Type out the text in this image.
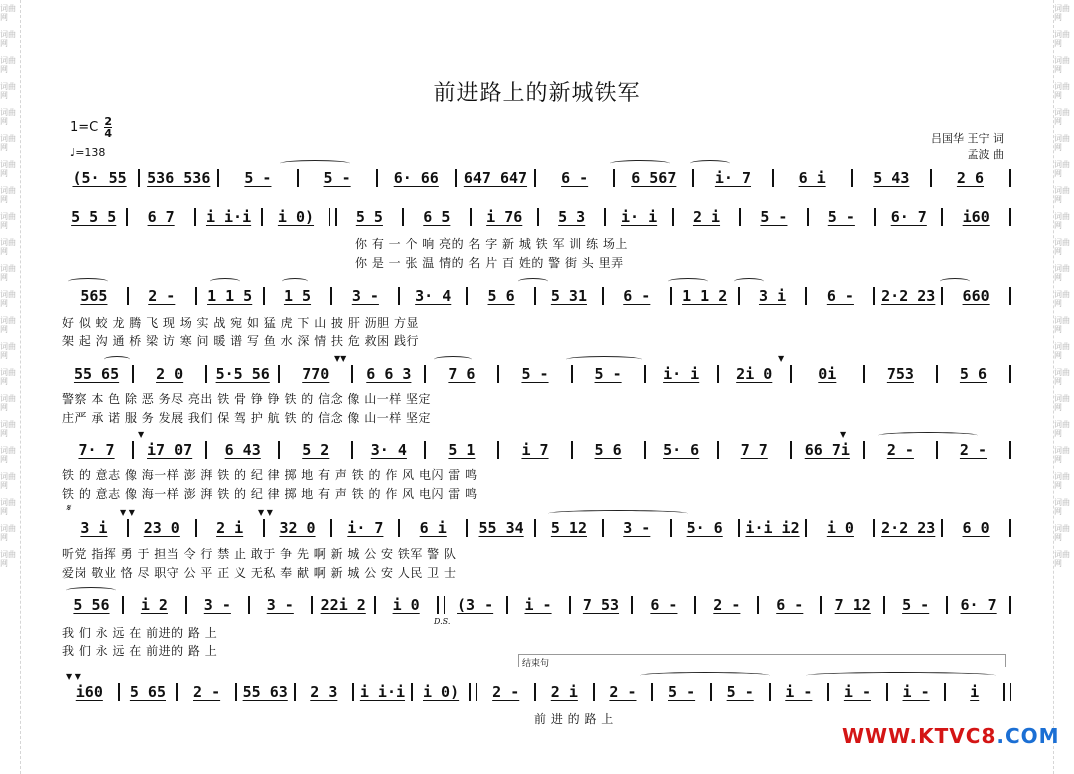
词曲网
词曲网
词曲网
词曲网
词曲网
词曲网
词曲网
词曲网
词曲网
词曲网
词曲网
词曲网
词曲网
词曲网
词曲网
词曲网
词曲网
词曲网
词曲网
词曲网
词曲网
词曲网
词曲网
词曲网
词曲网
词曲网
词曲网
词曲网
词曲网
词曲网
词曲网
词曲网
词曲网
词曲网
词曲网
词曲网
词曲网
词曲网
词曲网
词曲网
词曲网
词曲网
词曲网
词曲网
前进路上的新城铁军
$1=C \frac{2}{4}$
♩=138
吕国华 王宁 词
孟波 曲
(5· 55	536 536	5 -	5 -	6· 66	647 647	6 -	6 567	i· 7	6 i	5 43	2 6
5 5 5	6 7	i i·i	i 0)	5 5	6 5	i 76	5 3	i· i	2 i	5 -	5 -	6· 7	i60
你 有 一 个 响 亮的 名 字 新 城 铁 军 训 练 场上
你 是 一 张 温 情的 名 片 百 姓的 警 街 头 里弄
565	2 -	1 1 5	1 5	3 -	3· 4	5 6	5 31	6 -	1 1 2	3 i	6 -	2·2 23	660
好 似 蛟 龙 腾 飞 现 场 实 战 宛 如 猛 虎 下 山 披 肝 沥胆 方显
架 起 沟 通 桥 梁 访 寒 问 暖 谱 写 鱼 水 深 情 扶 危 救困 践行
55 65	2 0	5·5 56	770	6 6 3	7 6	5 -	5 -	i· i	2i 0	0i	753	5 6
▼▼	▼
警察 本 色 除 恶 务尽 亮出 铁 骨 铮 铮 铁 的 信念 像 山一样 坚定
庄严 承 诺 服 务 发展 我们 保 驾 护 航 铁 的 信念 像 山一样 坚定
7· 7	i7 07	6 43	5 2	3· 4	5 1	i 7	5 6	5· 6	7 7	66 7i	2 -	2 -
▼	▼
铁 的 意志 像 海一样 澎 湃 铁 的 纪 律 掷 地 有 声 铁 的 作 风 电闪 雷 鸣
铁 的 意志 像 海一样 澎 湃 铁 的 纪 律 掷 地 有 声 铁 的 作 风 电闪 雷 鸣
𝄋	▼ ▼	▼ ▼
3 i	23 0	2 i	32 0	i· 7	6 i	55 34	5 12	3 -	5· 6	i·i i2	i 0	2·2 23	6 0
听党 指挥 勇 于 担当 令 行 禁 止 敢于 争 先 啊 新 城 公 安 铁军 警 队
爱岗 敬业 恪 尽 职守 公 平 正 义 无私 奉 献 啊 新 城 公 安 人民 卫 士
5 56	i 2	3 -	3 -	22i 2	i 0	(3 -	i -	7 53	6 -	2 -	6 -	7 12	5 -	6· 7
D.S.
我 们 永 远 在 前进的 路 上
我 们 永 远 在 前进的 路 上
结束句
▼ ▼
i60	5 65	2 -	55 63	2 3	i i·i	i 0)	2 -	2 i	2 -	5 -	5 -	i -	i -	i -	i
前 进 的 路 上
WWW.KTVC8.COM
